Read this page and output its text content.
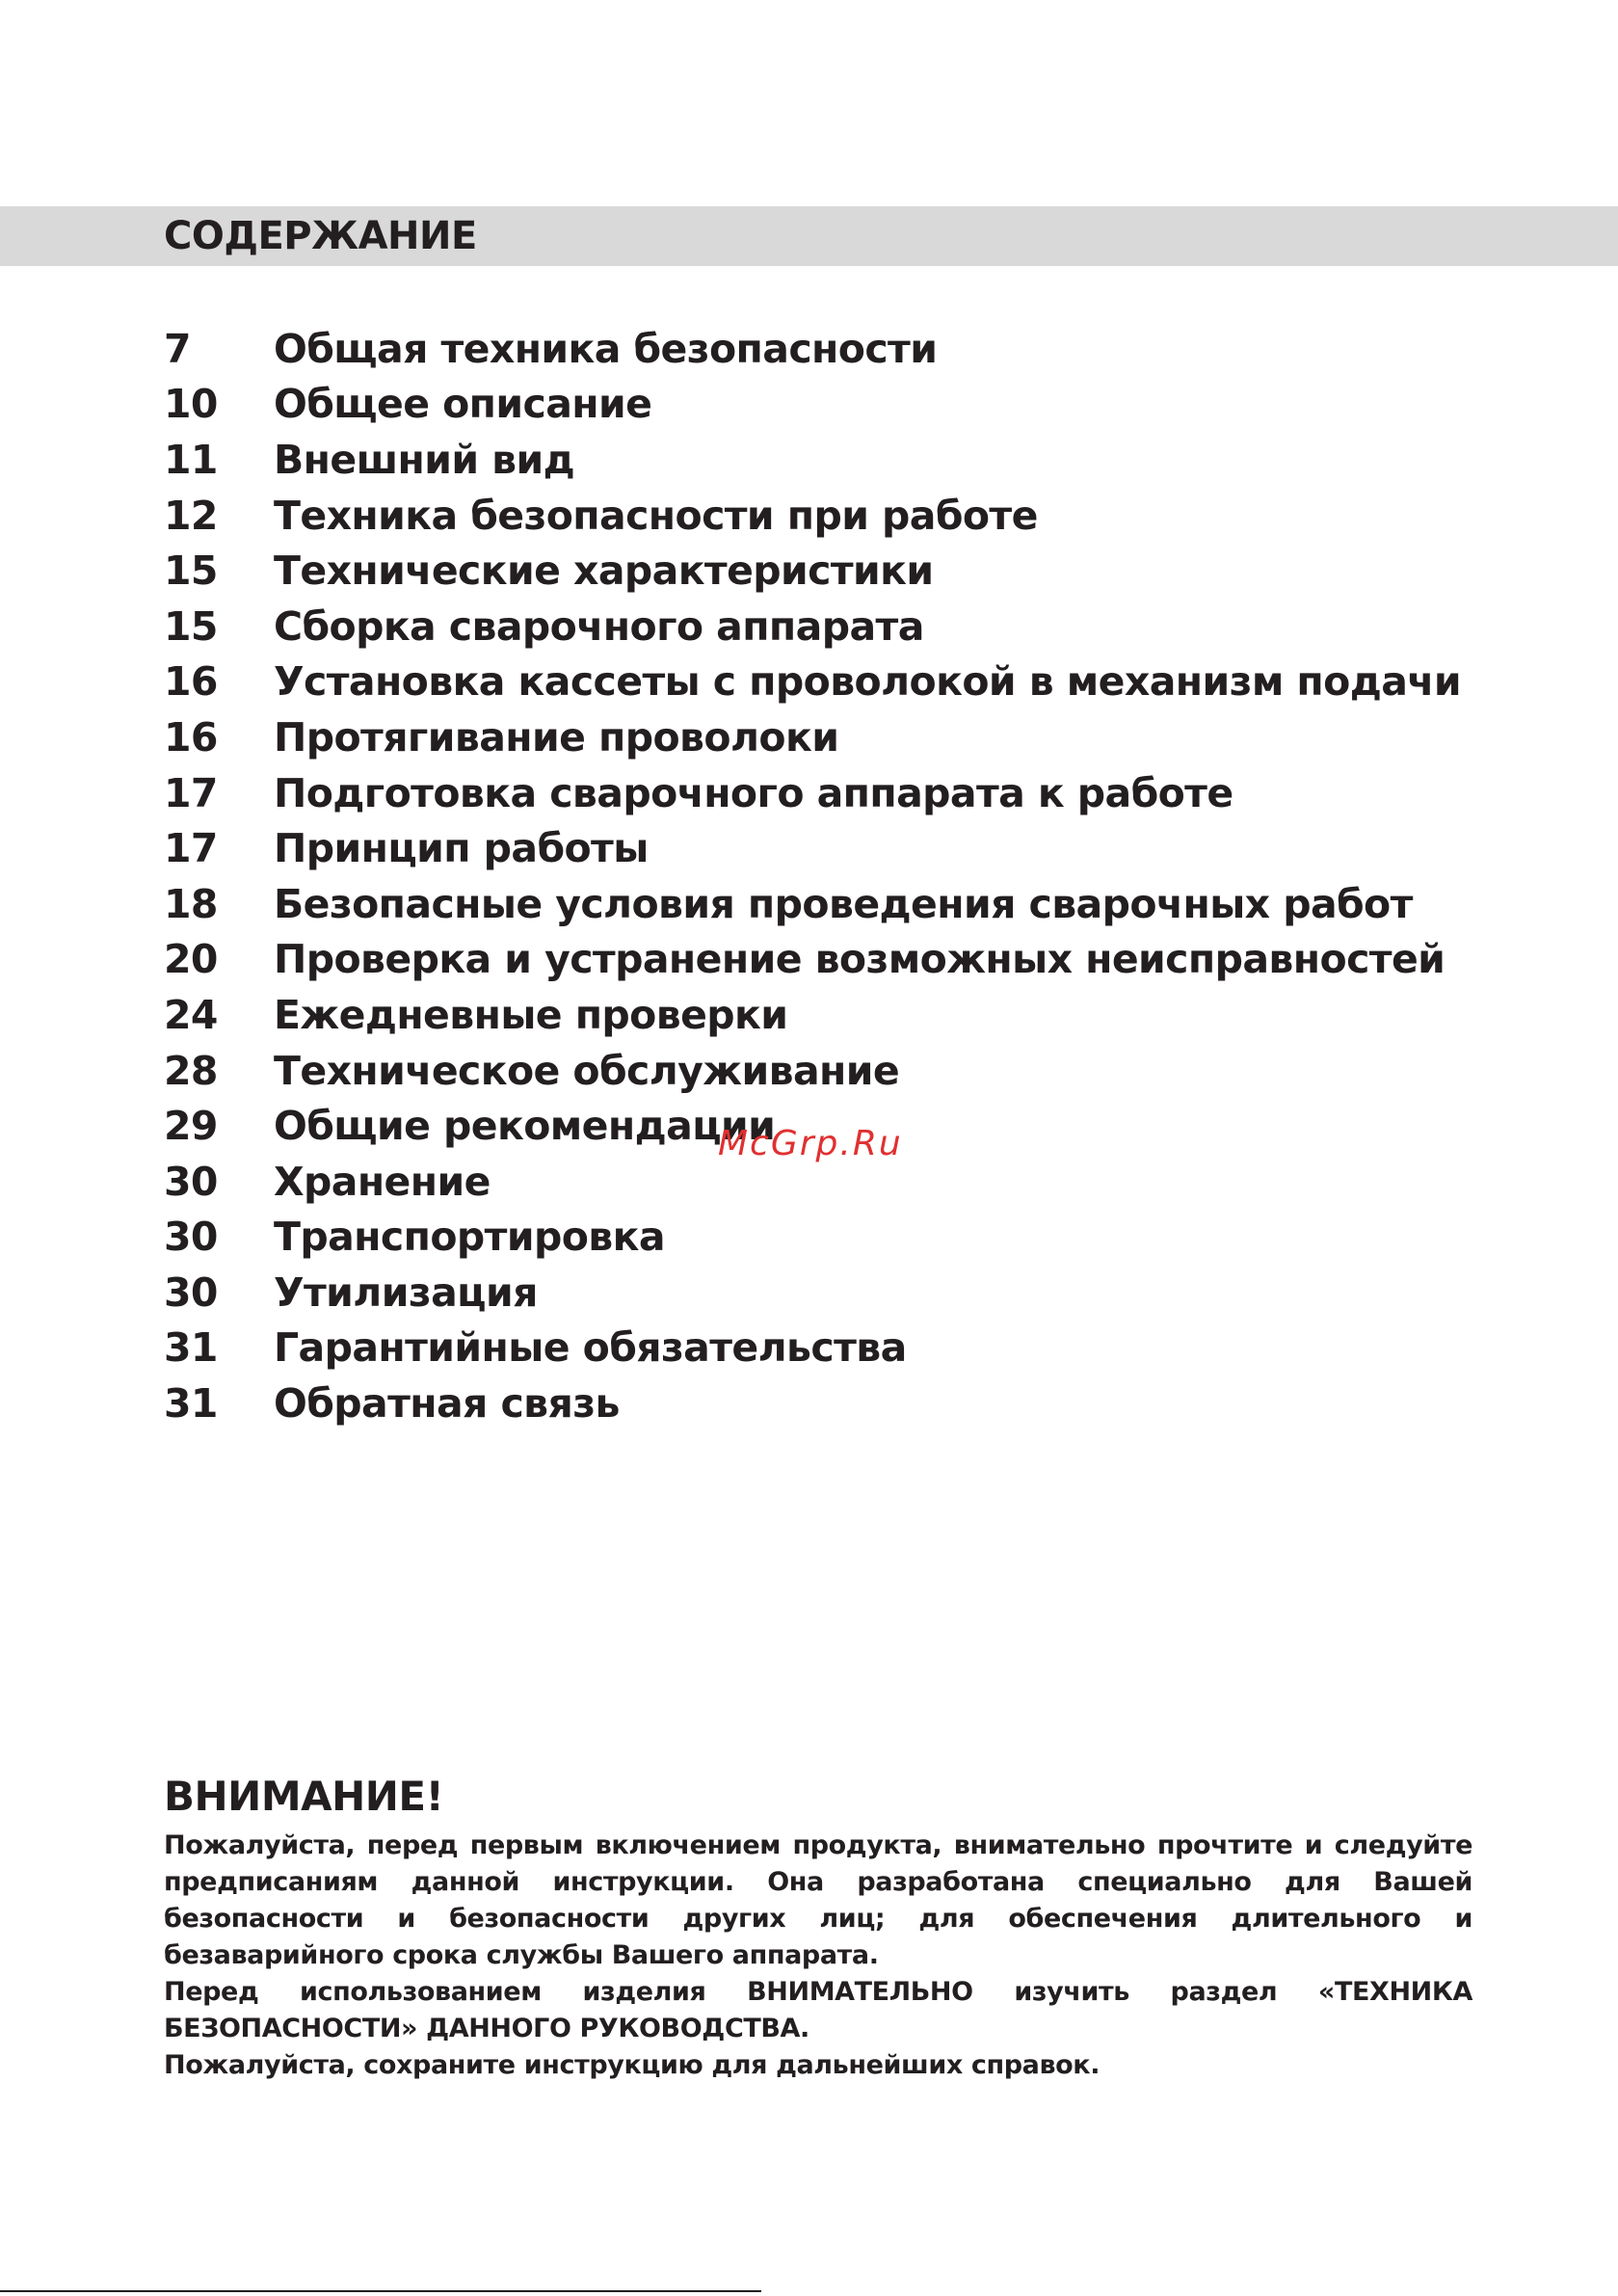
СОДЕРЖАНИЕ
7	Общая техника безопасности
10	Общее описание
11	Внешний вид
12	Техника безопасности при работе
15	Технические характеристики
15	Сборка сварочного аппарата
16	Установка кассеты с проволокой в механизм подачи
16	Протягивание проволоки
17	Подготовка сварочного аппарата к работе
17	Принцип работы
18	Безопасные условия проведения сварочных работ
20	Проверка и устранение возможных неисправностей
24	Ежедневные проверки
28	Техническое обслуживание
29	Общие рекомендации
30	Хранение
30	Транспортировка
30	Утилизация
31	Гарантийные обязательства
31	Обратная связь
McGrp.Ru
ВНИМАНИЕ!

Пожалуйста, перед первым включением продукта, внимательно прочтите и следуйте предписаниям данной инструкции. Она разработана специально для Вашей безопасности и безопасности других лиц; для обеспечения длительного и безаварийного срока службы Вашего аппарата.

Перед использованием изделия ВНИМАТЕЛЬНО изучить раздел «ТЕХНИКА БЕЗОПАСНОСТИ» ДАННОГО РУКОВОДСТВА.

Пожалуйста, сохраните инструкцию для дальнейших справок.
